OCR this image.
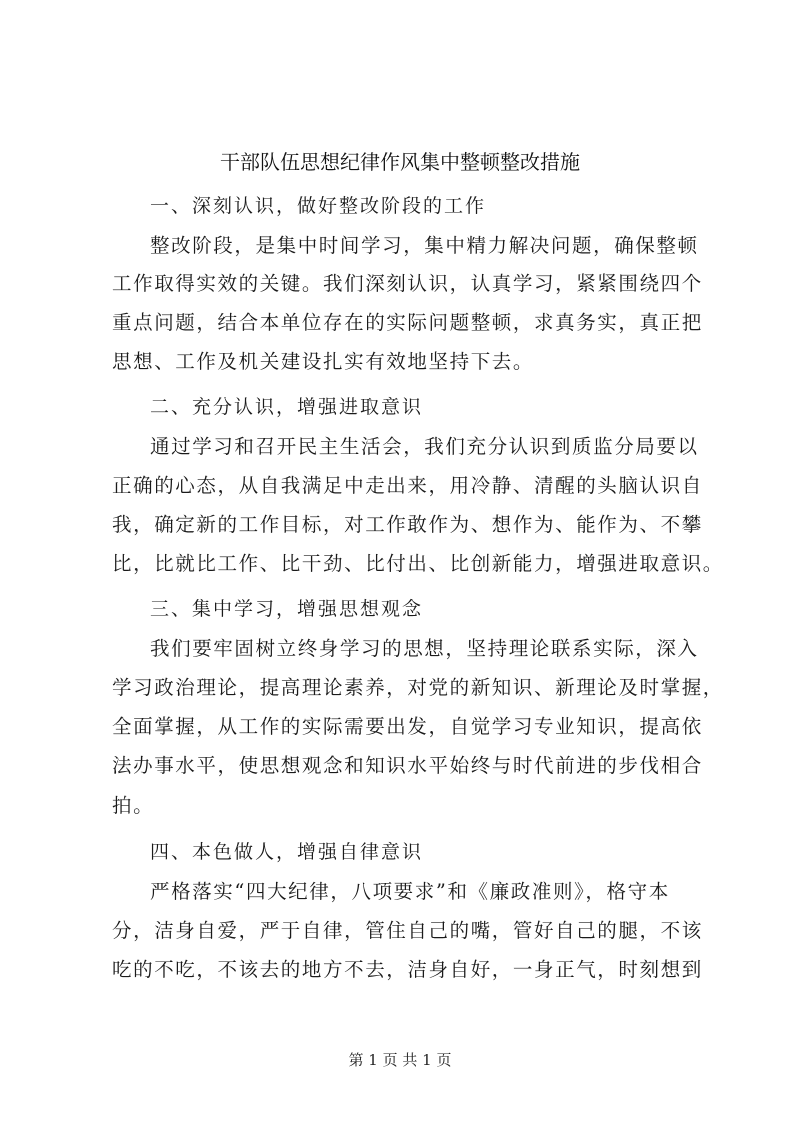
干部队伍思想纪律作风集中整顿整改措施
一、深刻认识，做好整改阶段的工作
整改阶段，是集中时间学习，集中精力解决问题，确保整顿
工作取得实效的关键。我们深刻认识，认真学习，紧紧围绕四个
重点问题，结合本单位存在的实际问题整顿，求真务实，真正把
思想、工作及机关建设扎实有效地坚持下去。
二、充分认识，增强进取意识
通过学习和召开民主生活会，我们充分认识到质监分局要以
正确的心态，从自我满足中走出来，用冷静、清醒的头脑认识自
我，确定新的工作目标，对工作敢作为、想作为、能作为、不攀
比，比就比工作、比干劲、比付出、比创新能力，增强进取意识。
三、集中学习，增强思想观念
我们要牢固树立终身学习的思想，坚持理论联系实际，深入
学习政治理论，提高理论素养，对党的新知识、新理论及时掌握，
全面掌握，从工作的实际需要出发，自觉学习专业知识，提高依
法办事水平，使思想观念和知识水平始终与时代前进的步伐相合
拍。
四、本色做人，增强自律意识
严格落实“四大纪律，八项要求”和《廉政准则》，格守本
分，洁身自爱，严于自律，管住自己的嘴，管好自己的腿，不该
吃的不吃，不该去的地方不去，洁身自好，一身正气，时刻想到
第 1 页 共 1 页
